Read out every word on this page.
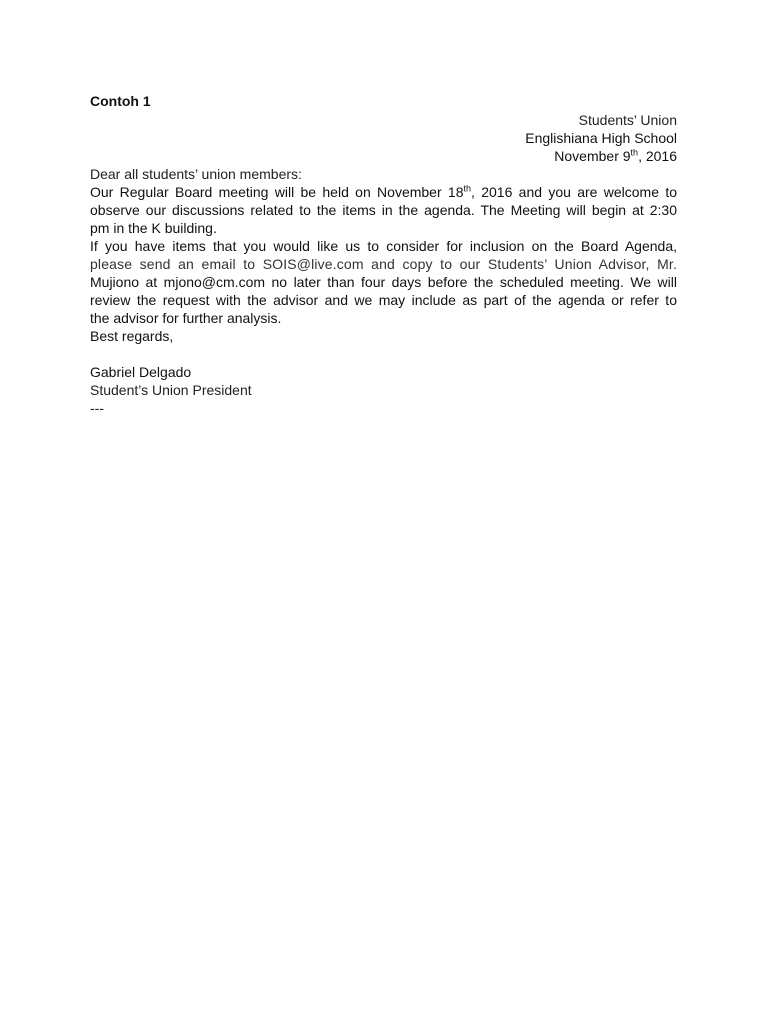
Contoh 1
Students’ Union
Englishiana High School
November 9th, 2016
Dear all students’ union members:
Our Regular Board meeting will be held on November 18th, 2016 and you are welcome to
observe our discussions related to the items in the agenda. The Meeting will begin at 2:30
pm in the K building.
If you have items that you would like us to consider for inclusion on the Board Agenda,
please send an email to SOIS@live.com and copy to our Students’ Union Advisor, Mr.
Mujiono at mjono@cm.com no later than four days before the scheduled meeting. We will
review the request with the advisor and we may include as part of the agenda or refer to
the advisor for further analysis.
Best regards,
Gabriel Delgado
Student’s Union President
---
